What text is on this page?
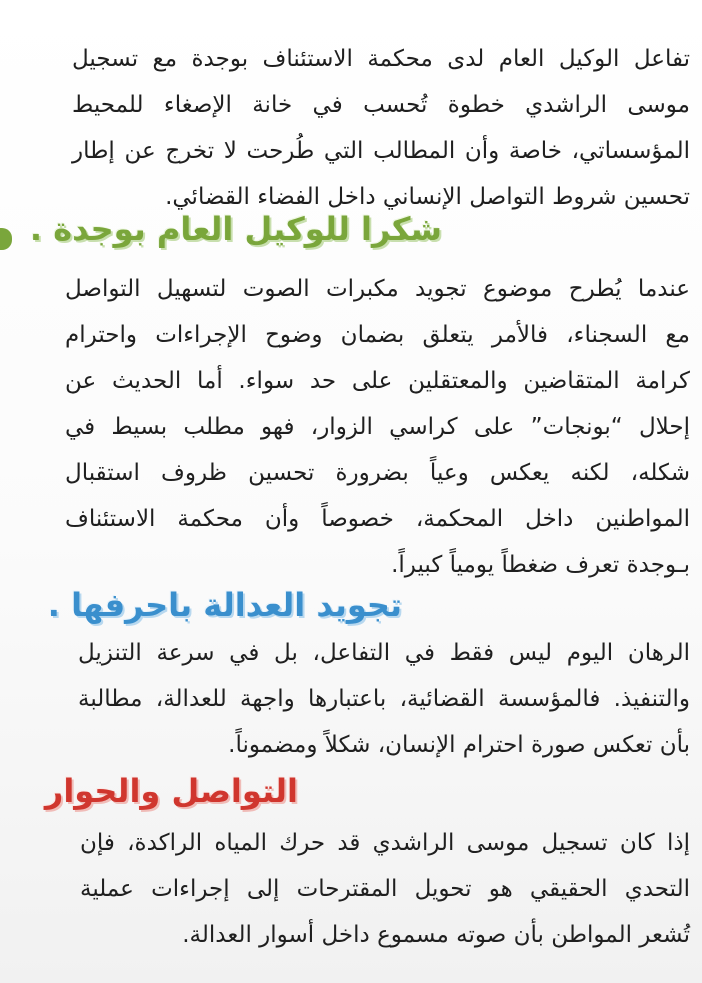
تفاعل الوكيل العام لدى محكمة الاستئناف بوجدة مع تسجيل
موسى الراشدي خطوة تُحسب في خانة الإصغاء للمحيط
المؤسساتي، خاصة وأن المطالب التي طُرحت لا تخرج عن إطار
تحسين شروط التواصل الإنساني داخل الفضاء القضائي.
شكرا للوكيل العام بوجدة .
عندما يُطرح موضوع تجويد مكبرات الصوت لتسهيل التواصل
مع السجناء، فالأمر يتعلق بضمان وضوح الإجراءات واحترام
كرامة المتقاضين والمعتقلين على حد سواء. أما الحديث عن
إحلال “بونجات” على كراسي الزوار، فهو مطلب بسيط في
شكله، لكنه يعكس وعياً بضرورة تحسين ظروف استقبال
المواطنين داخل المحكمة، خصوصاً وأن محكمة الاستئناف
بـوجدة تعرف ضغطاً يومياً كبيراً.
تجويد العدالة باحرفها .
الرهان اليوم ليس فقط في التفاعل، بل في سرعة التنزيل
والتنفيذ. فالمؤسسة القضائية، باعتبارها واجهة للعدالة، مطالبة
بأن تعكس صورة احترام الإنسان، شكلاً ومضموناً.
التواصل والحوار
إذا كان تسجيل موسى الراشدي قد حرك المياه الراكدة، فإن
التحدي الحقيقي هو تحويل المقترحات إلى إجراءات عملية
تُشعر المواطن بأن صوته مسموع داخل أسوار العدالة.
